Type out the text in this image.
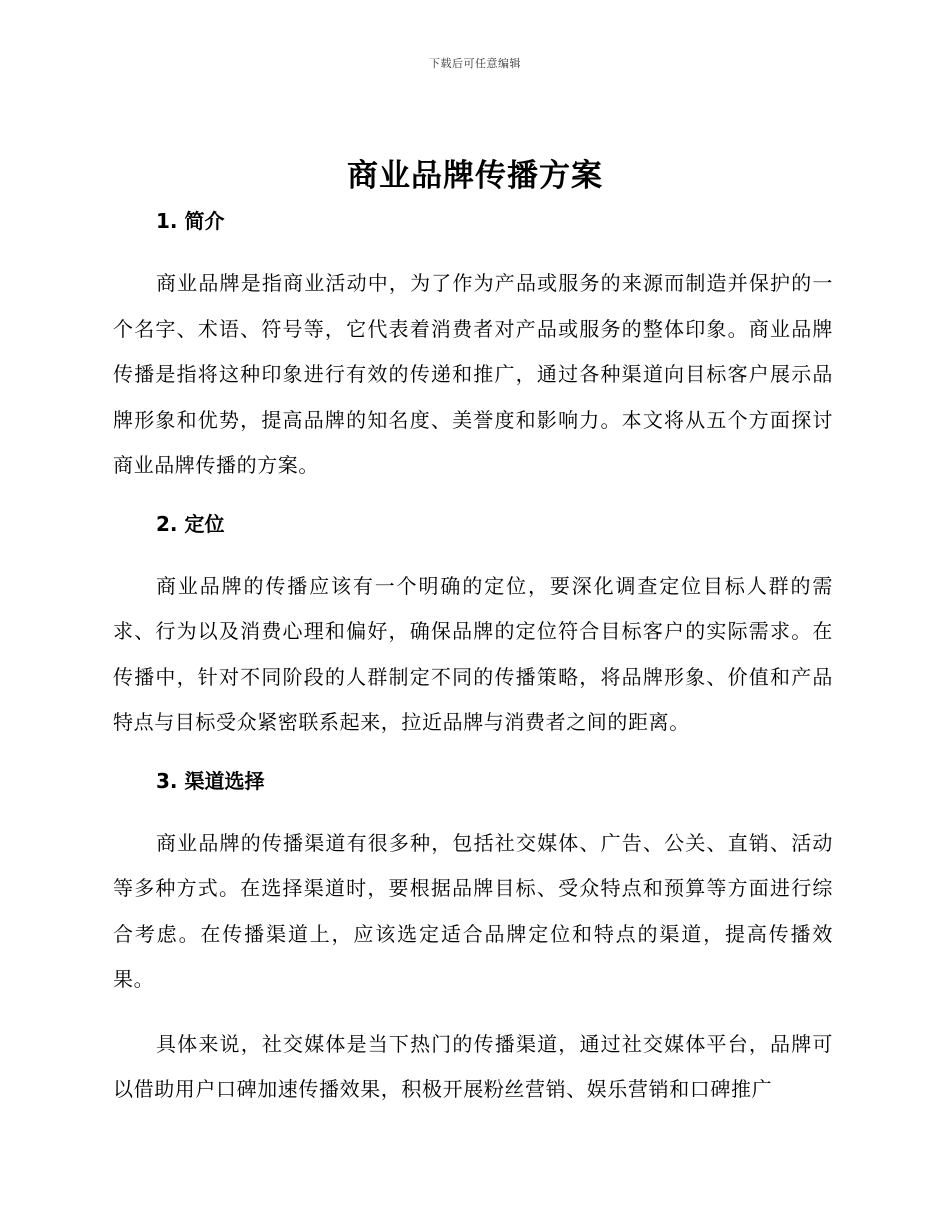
下载后可任意编辑
商业品牌传播方案
1. 简介

商业品牌是指商业活动中，为了作为产品或服务的来源而制造并保护的一个名字、术语、符号等，它代表着消费者对产品或服务的整体印象。商业品牌传播是指将这种印象进行有效的传递和推广，通过各种渠道向目标客户展示品牌形象和优势，提高品牌的知名度、美誉度和影响力。本文将从五个方面探讨商业品牌传播的方案。

2. 定位

商业品牌的传播应该有一个明确的定位，要深化调查定位目标人群的需求、行为以及消费心理和偏好，确保品牌的定位符合目标客户的实际需求。在传播中，针对不同阶段的人群制定不同的传播策略，将品牌形象、价值和产品特点与目标受众紧密联系起来，拉近品牌与消费者之间的距离。

3. 渠道选择

商业品牌的传播渠道有很多种，包括社交媒体、广告、公关、直销、活动等多种方式。在选择渠道时，要根据品牌目标、受众特点和预算等方面进行综合考虑。在传播渠道上，应该选定适合品牌定位和特点的渠道，提高传播效果。

具体来说，社交媒体是当下热门的传播渠道，通过社交媒体平台，品牌可以借助用户口碑加速传播效果，积极开展粉丝营销、娱乐营销和口碑推广
